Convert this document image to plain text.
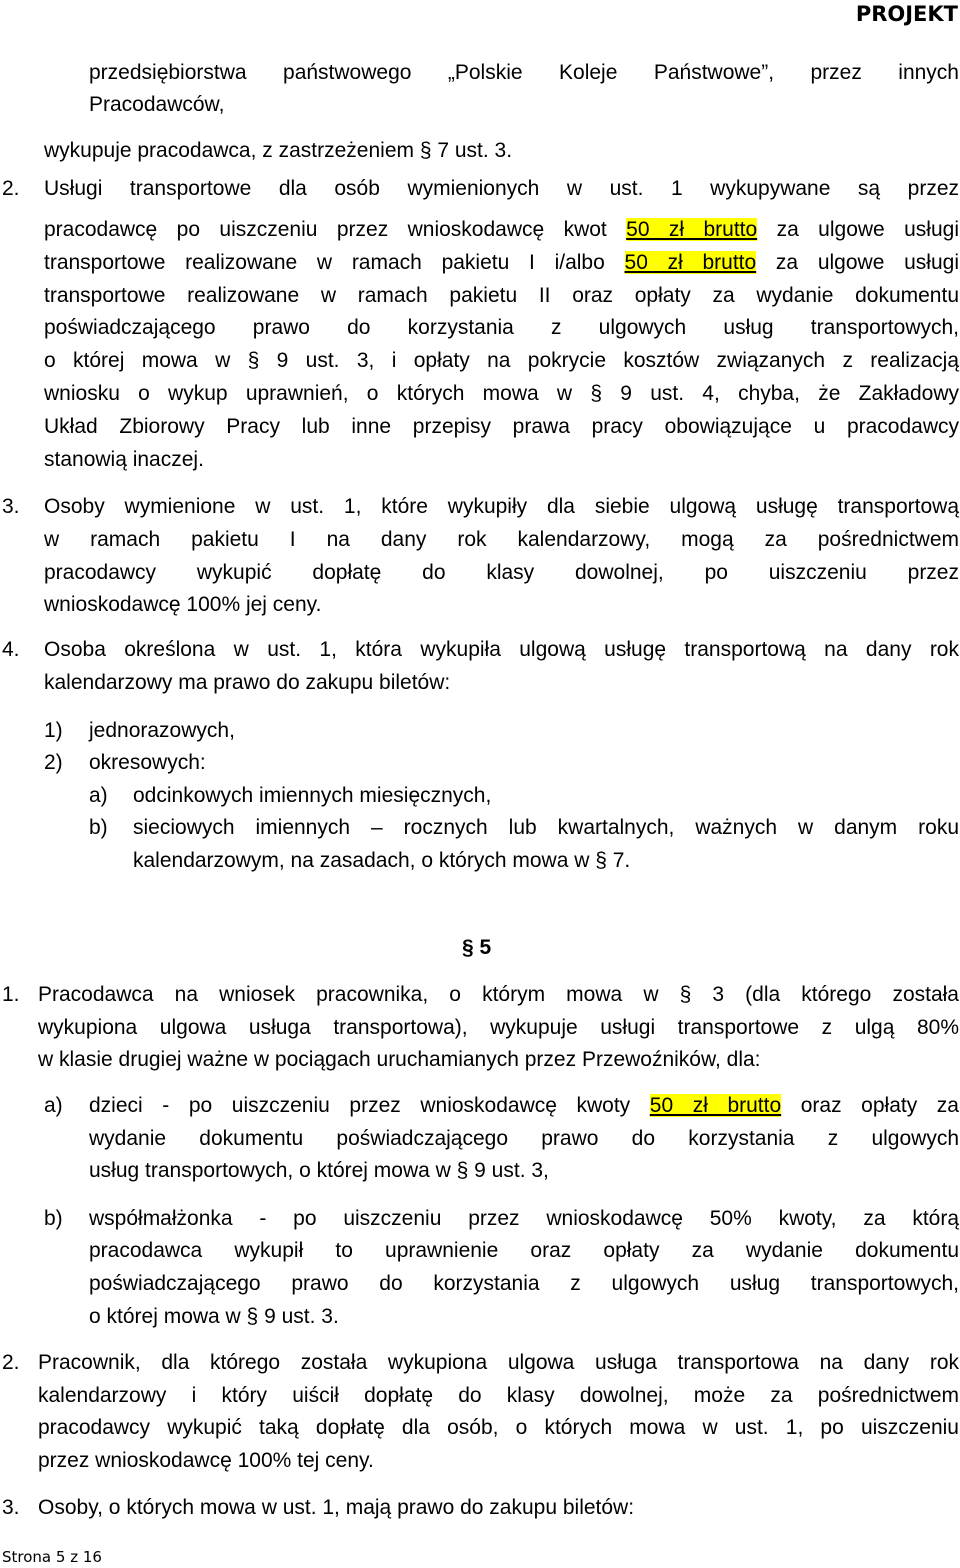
PROJEKT
2.
3.
4.
1)
2)
a)
b)
1.
a)
b)
2.
3.
przedsiębiorstwa państwowego „Polskie Koleje Państwowe”, przez innych
Pracodawców,
wykupuje pracodawca, z zastrzeżeniem § 7 ust. 3.
Usługi transportowe dla osób wymienionych w ust. 1 wykupywane są przez
pracodawcę po uiszczeniu przez wnioskodawcę kwot 50 zł brutto za ulgowe usługi
transportowe realizowane w ramach pakietu I i/albo 50 zł brutto za ulgowe usługi
transportowe realizowane w ramach pakietu II oraz opłaty za wydanie dokumentu
poświadczającego prawo do korzystania z ulgowych usług transportowych,
o której mowa w § 9 ust. 3, i opłaty na pokrycie kosztów związanych z realizacją
wniosku o wykup uprawnień, o których mowa w § 9 ust. 4, chyba, że Zakładowy
Układ Zbiorowy Pracy lub inne przepisy prawa pracy obowiązujące u pracodawcy
stanowią inaczej.
Osoby wymienione w ust. 1, które wykupiły dla siebie ulgową usługę transportową
w ramach pakietu I na dany rok kalendarzowy, mogą za pośrednictwem
pracodawcy wykupić dopłatę do klasy dowolnej, po uiszczeniu przez
wnioskodawcę 100% jej ceny.
Osoba określona w ust. 1, która wykupiła ulgową usługę transportową na dany rok
kalendarzowy ma prawo do zakupu biletów:
jednorazowych,
okresowych:
odcinkowych imiennych miesięcznych,
sieciowych imiennych – rocznych lub kwartalnych, ważnych w danym roku
kalendarzowym, na zasadach, o których mowa w § 7.
§ 5
Pracodawca na wniosek pracownika, o którym mowa w § 3 (dla którego została
wykupiona ulgowa usługa transportowa), wykupuje usługi transportowe z ulgą 80%
w klasie drugiej ważne w pociągach uruchamianych przez Przewoźników, dla:
dzieci - po uiszczeniu przez wnioskodawcę kwoty 50 zł brutto oraz opłaty za
wydanie dokumentu poświadczającego prawo do korzystania z ulgowych
usług transportowych, o której mowa w § 9 ust. 3,
współmałżonka - po uiszczeniu przez wnioskodawcę 50% kwoty, za którą
pracodawca wykupił to uprawnienie oraz opłaty za wydanie dokumentu
poświadczającego prawo do korzystania z ulgowych usług transportowych,
o której mowa w § 9 ust. 3.
Pracownik, dla którego została wykupiona ulgowa usługa transportowa na dany rok
kalendarzowy i który uiścił dopłatę do klasy dowolnej, może za pośrednictwem
pracodawcy wykupić taką dopłatę dla osób, o których mowa w ust. 1, po uiszczeniu
przez wnioskodawcę 100% tej ceny.
Osoby, o których mowa w ust. 1, mają prawo do zakupu biletów:
Strona 5 z 16
